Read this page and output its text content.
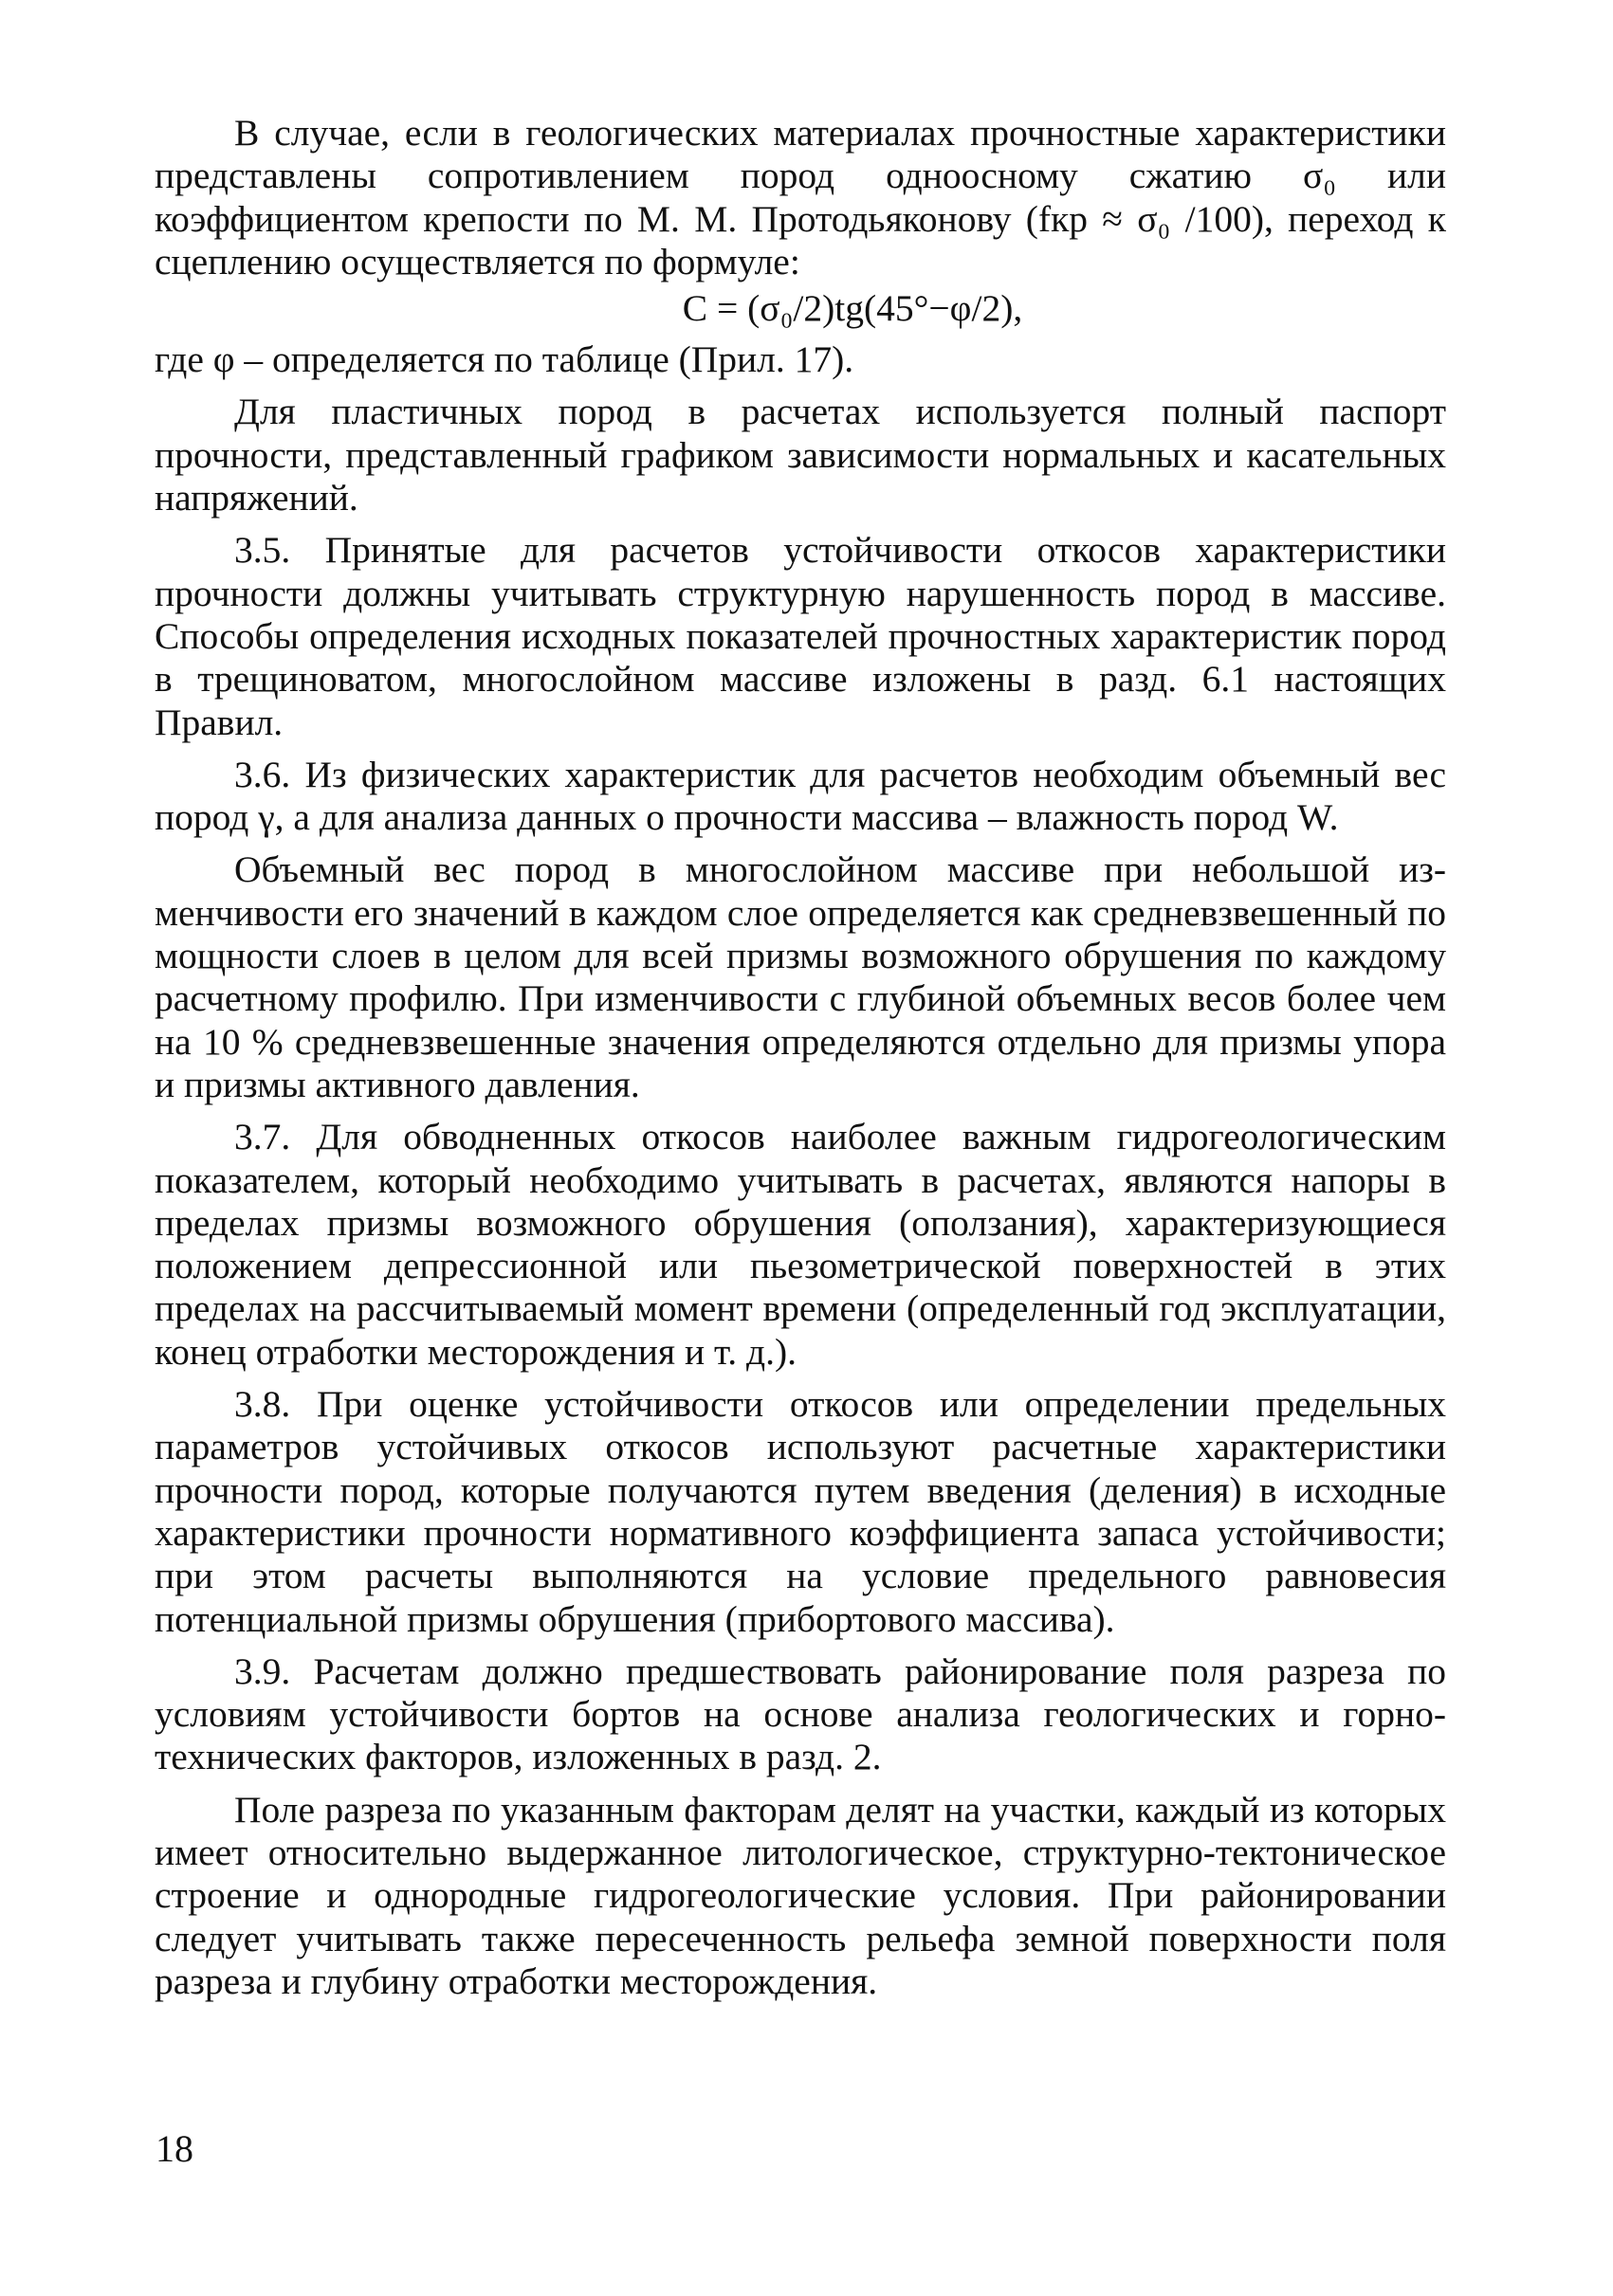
В случае, если в геологических материалах прочностные характеристики представлены сопротивлением пород одноосному сжатию σ₀ или коэффициентом крепости по М. М. Протодьяконову (fкр ≈ σ₀ /100), переход к сцеплению осуществляется по формуле:

C = (σ₀/2)tg(45°−φ/2),

где φ – определяется по таблице (Прил. 17).

Для пластичных пород в расчетах используется полный паспорт прочности, представленный графиком зависимости нормальных и касательных напряжений.

3.5. Принятые для расчетов устойчивости откосов характеристики прочности должны учитывать структурную нарушенность пород в массиве. Способы определения исходных показателей прочностных характеристик пород в трещиноватом, многослойном массиве изложены в разд. 6.1 настоящих Правил.

3.6. Из физических характеристик для расчетов необходим объемный вес пород γ, а для анализа данных о прочности массива – влажность пород W.

Объемный вес пород в многослойном массиве при небольшой изменчивости его значений в каждом слое определяется как средневзвешенный по мощности слоев в целом для всей призмы возможного обрушения по каждому расчетному профилю. При изменчивости с глубиной объемных весов более чем на 10 % средневзвешенные значения определяются отдельно для призмы упора и призмы активного давления.

3.7. Для обводненных откосов наиболее важным гидрогеологическим показателем, который необходимо учитывать в расчетах, являются напоры в пределах призмы возможного обрушения (оползания), характеризующиеся положением депрессионной или пьезометрической поверхностей в этих пределах на рассчитываемый момент времени (определенный год эксплуатации, конец отработки месторождения и т. д.).

3.8. При оценке устойчивости откосов или определении предельных параметров устойчивых откосов используют расчетные характеристики прочности пород, которые получаются путем введения (деления) в исходные характеристики прочности нормативного коэффициента запаса устойчивости; при этом расчеты выполняются на условие предельного равновесия потенциальной призмы обрушения (прибортового массива).

3.9. Расчетам должно предшествовать районирование поля разреза по условиям устойчивости бортов на основе анализа геологических и горно-технических факторов, изложенных в разд. 2.

Поле разреза по указанным факторам делят на участки, каждый из которых имеет относительно выдержанное литологическое, структурно-тектоническое строение и однородные гидрогеологические условия. При районировании следует учитывать также пересеченность рельефа земной поверхности поля разреза и глубину отработки месторождения.

18
